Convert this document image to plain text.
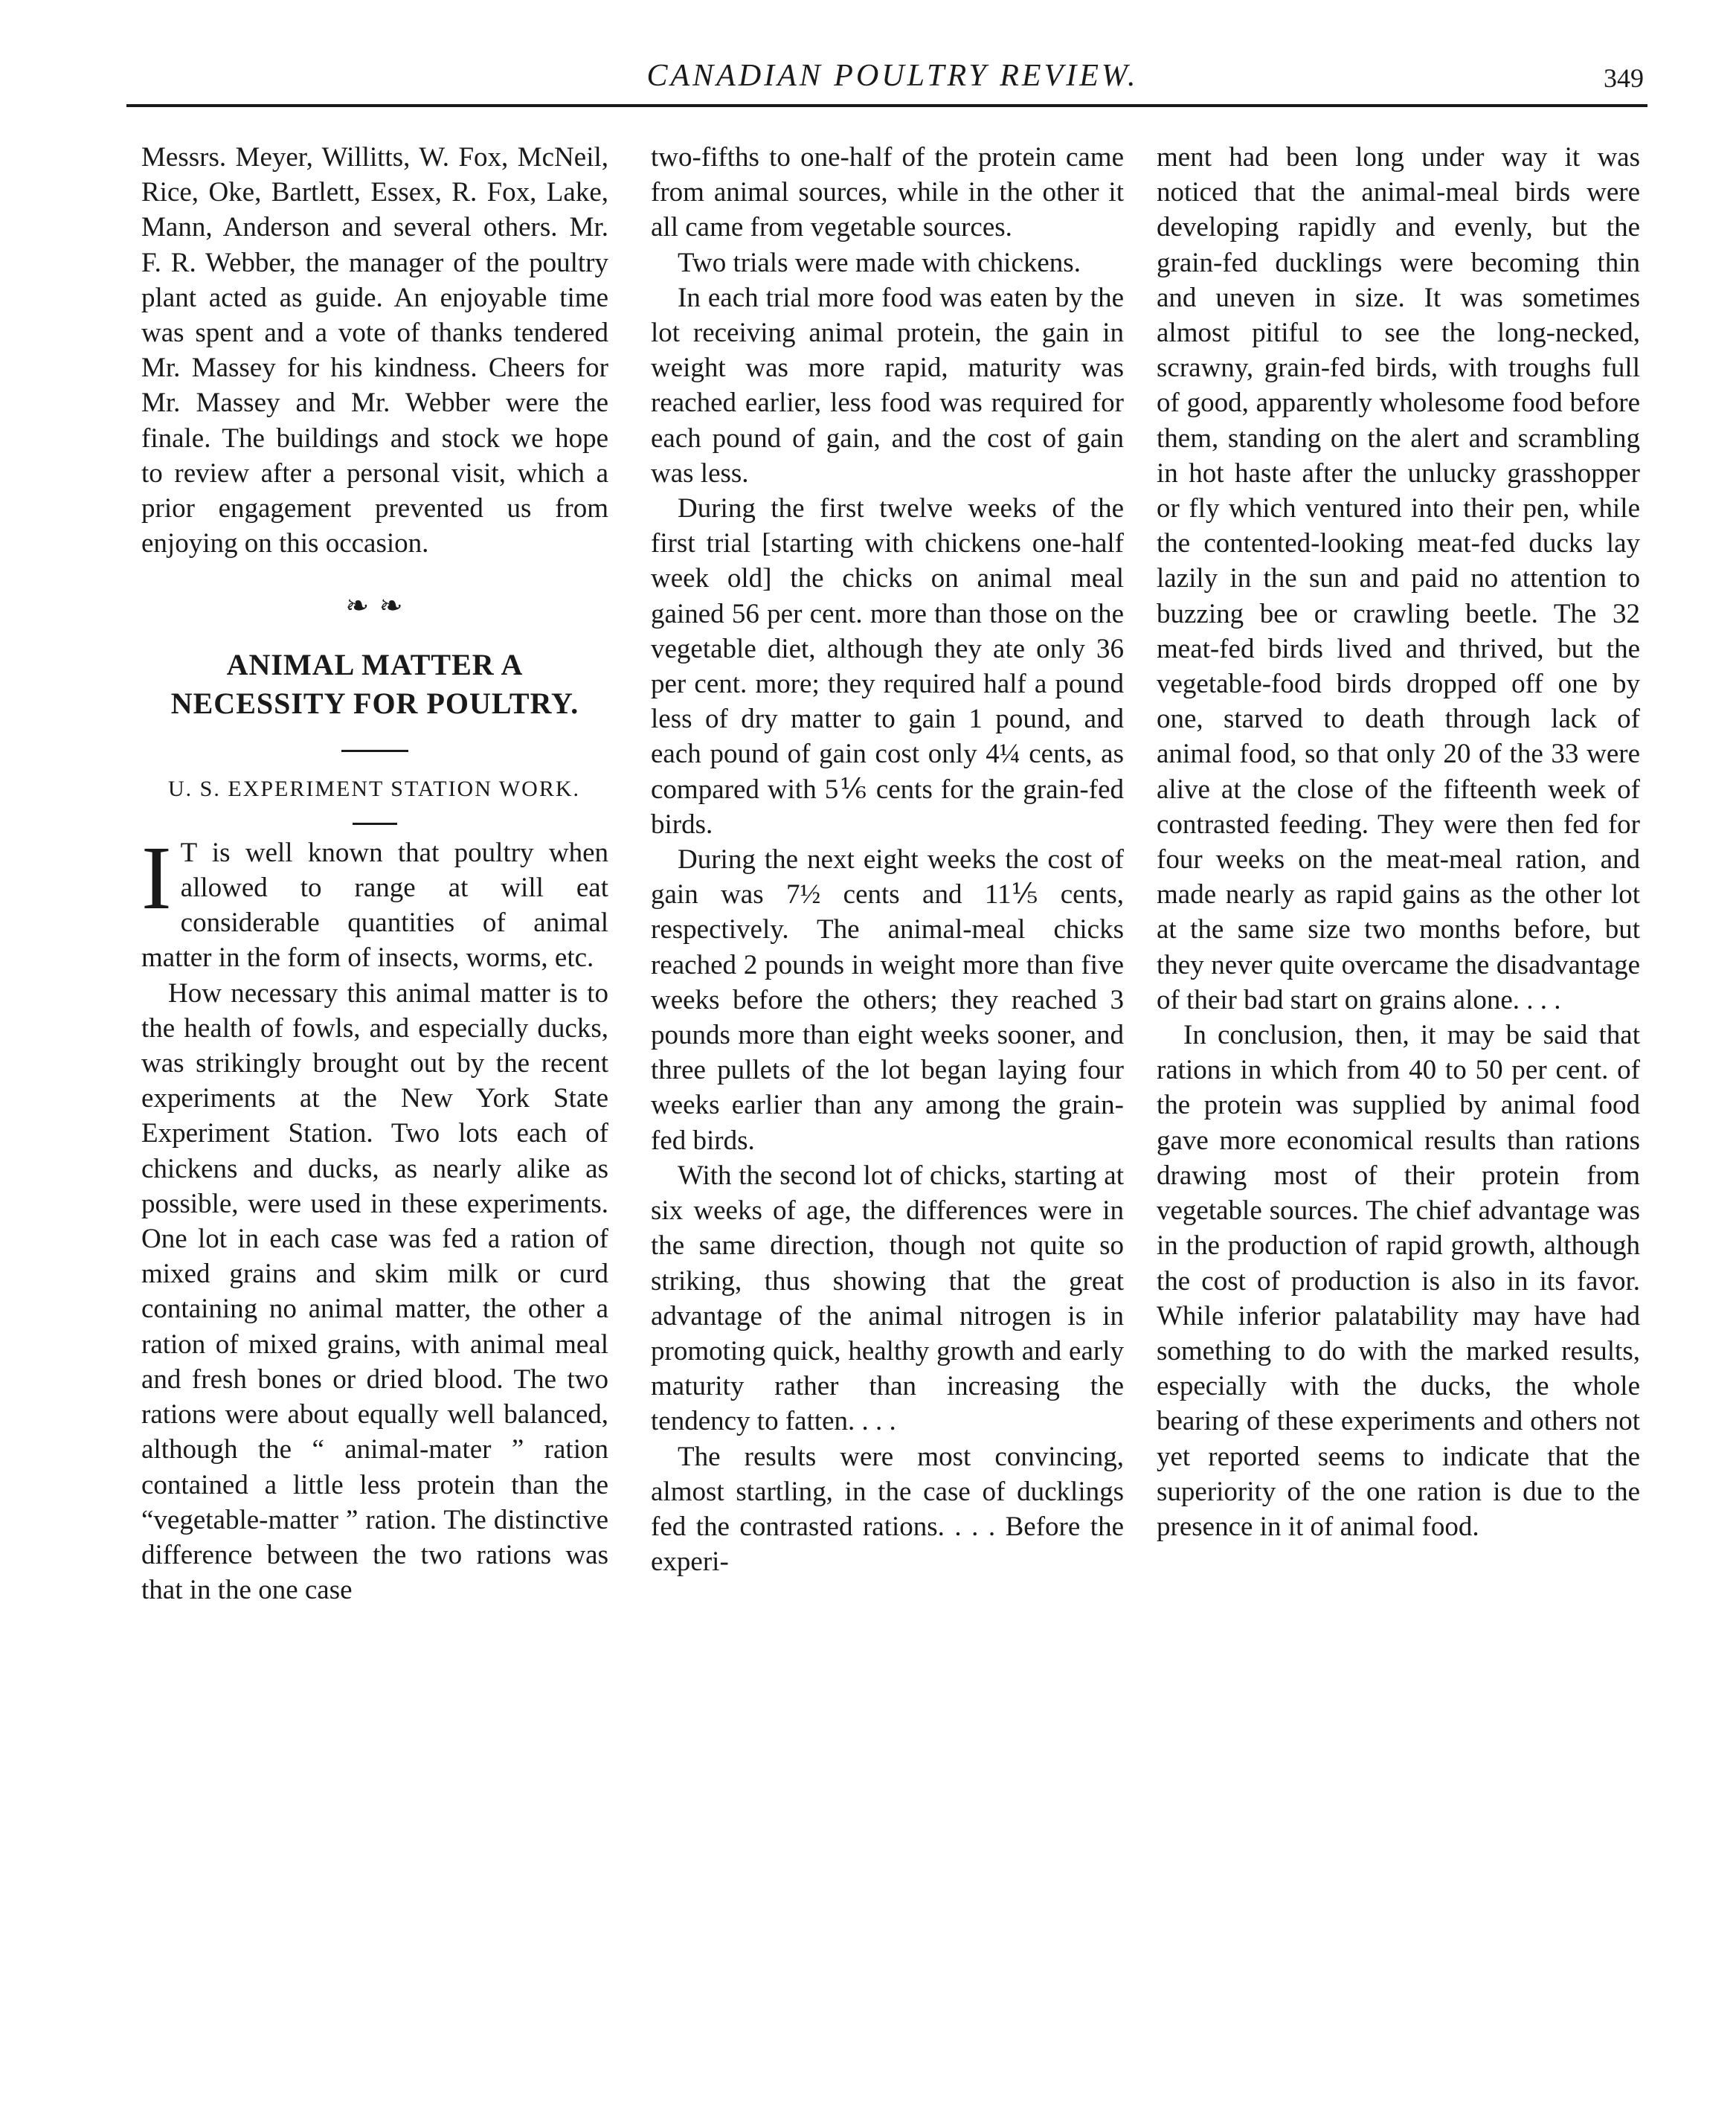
CANADIAN POULTRY REVIEW.	349

Messrs. Meyer, Willitts, W. Fox, McNeil, Rice, Oke, Bartlett, Essex, R. Fox, Lake, Mann, Anderson and several others. Mr. F. R. Webber, the manager of the poultry plant acted as guide. An enjoyable time was spent and a vote of thanks tendered Mr. Massey for his kindness. Cheers for Mr. Massey and Mr. Webber were the finale. The buildings and stock we hope to review after a personal visit, which a prior engagement prevented us from enjoying on this occasion.

❧ ❧
ANIMAL MATTER A NECESSITY FOR POULTRY.

U. S. EXPERIMENT STATION WORK.

I T is well known that poultry when allowed to range at will eat considerable quantities of animal matter in the form of insects, worms, etc.

How necessary this animal matter is to the health of fowls, and especially ducks, was strikingly brought out by the recent experiments at the New York State Experiment Station. Two lots each of chickens and ducks, as nearly alike as possible, were used in these experiments. One lot in each case was fed a ration of mixed grains and skim milk or curd containing no animal matter, the other a ration of mixed grains, with animal meal and fresh bones or dried blood. The two rations were about equally well balanced, although the “ animal-mater ” ration contained a little less protein than the “vegetable-matter ” ration. The distinctive difference between the two rations was that in the one case

two-fifths to one-half of the protein came from animal sources, while in the other it all came from vegetable sources.

Two trials were made with chickens.

In each trial more food was eaten by the lot receiving animal protein, the gain in weight was more rapid, maturity was reached earlier, less food was required for each pound of gain, and the cost of gain was less.

During the first twelve weeks of the first trial [starting with chickens one-half week old] the chicks on animal meal gained 56 per cent. more than those on the vegetable diet, although they ate only 36 per cent. more; they required half a pound less of dry matter to gain 1 pound, and each pound of gain cost only 4¼ cents, as compared with 5⅙ cents for the grain-fed birds.

During the next eight weeks the cost of gain was 7½ cents and 11⅕ cents, respectively. The animal-meal chicks reached 2 pounds in weight more than five weeks before the others; they reached 3 pounds more than eight weeks sooner, and three pullets of the lot began laying four weeks earlier than any among the grain-fed birds.

With the second lot of chicks, starting at six weeks of age, the differences were in the same direction, though not quite so striking, thus showing that the great advantage of the animal nitrogen is in promoting quick, healthy growth and early maturity rather than increasing the tendency to fatten. . . .

The results were most convincing, almost startling, in the case of ducklings fed the contrasted rations. . . . Before the experi-

ment had been long under way it was noticed that the animal-meal birds were developing rapidly and evenly, but the grain-fed ducklings were becoming thin and uneven in size. It was sometimes almost pitiful to see the long-necked, scrawny, grain-fed birds, with troughs full of good, apparently wholesome food before them, standing on the alert and scrambling in hot haste after the unlucky grasshopper or fly which ventured into their pen, while the contented-looking meat-fed ducks lay lazily in the sun and paid no attention to buzzing bee or crawling beetle. The 32 meat-fed birds lived and thrived, but the vegetable-food birds dropped off one by one, starved to death through lack of animal food, so that only 20 of the 33 were alive at the close of the fifteenth week of contrasted feeding. They were then fed for four weeks on the meat-meal ration, and made nearly as rapid gains as the other lot at the same size two months before, but they never quite overcame the disadvantage of their bad start on grains alone. . . .

In conclusion, then, it may be said that rations in which from 40 to 50 per cent. of the protein was supplied by animal food gave more economical results than rations drawing most of their protein from vegetable sources. The chief advantage was in the production of rapid growth, although the cost of production is also in its favor. While inferior palatability may have had something to do with the marked results, especially with the ducks, the whole bearing of these experiments and others not yet reported seems to indicate that the superiority of the one ration is due to the presence in it of animal food.
